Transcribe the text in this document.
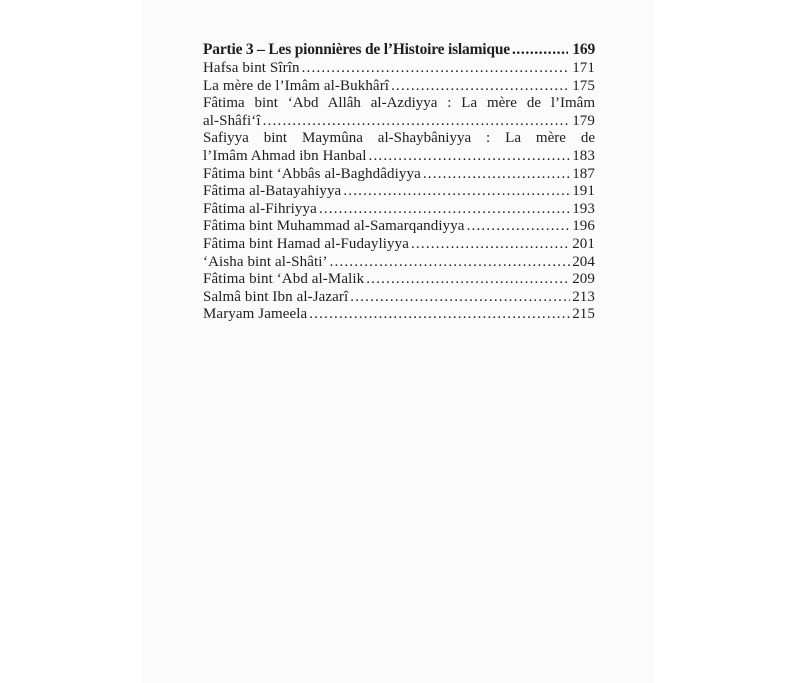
Partie 3 – Les pionnières de l’Histoire islamique .....	169
Hafsa bint Sîrîn .....	171
La mère de l’Imâm al-Bukhârî .....	175
Fâtima bint ‘Abd Allâh al-Azdiyya : La mère de l’Imâm
al-Shâfi‘î .....	179
Safiyya bint Maymûna al-Shaybâniyya : La mère de
l’Imâm Ahmad ibn Hanbal .....	183
Fâtima bint ‘Abbâs al-Baghdâdiyya .....	187
Fâtima al-Batayahiyya .....	191
Fâtima al-Fihriyya .....	193
Fâtima bint Muhammad al-Samarqandiyya .....	196
Fâtima bint Hamad al-Fudayliyya .....	201
‘Aisha bint al-Shâti’ .....	204
Fâtima bint ‘Abd al-Malik .....	209
Salmâ bint Ibn al-Jazarî .....	213
Maryam Jameela .....	215
